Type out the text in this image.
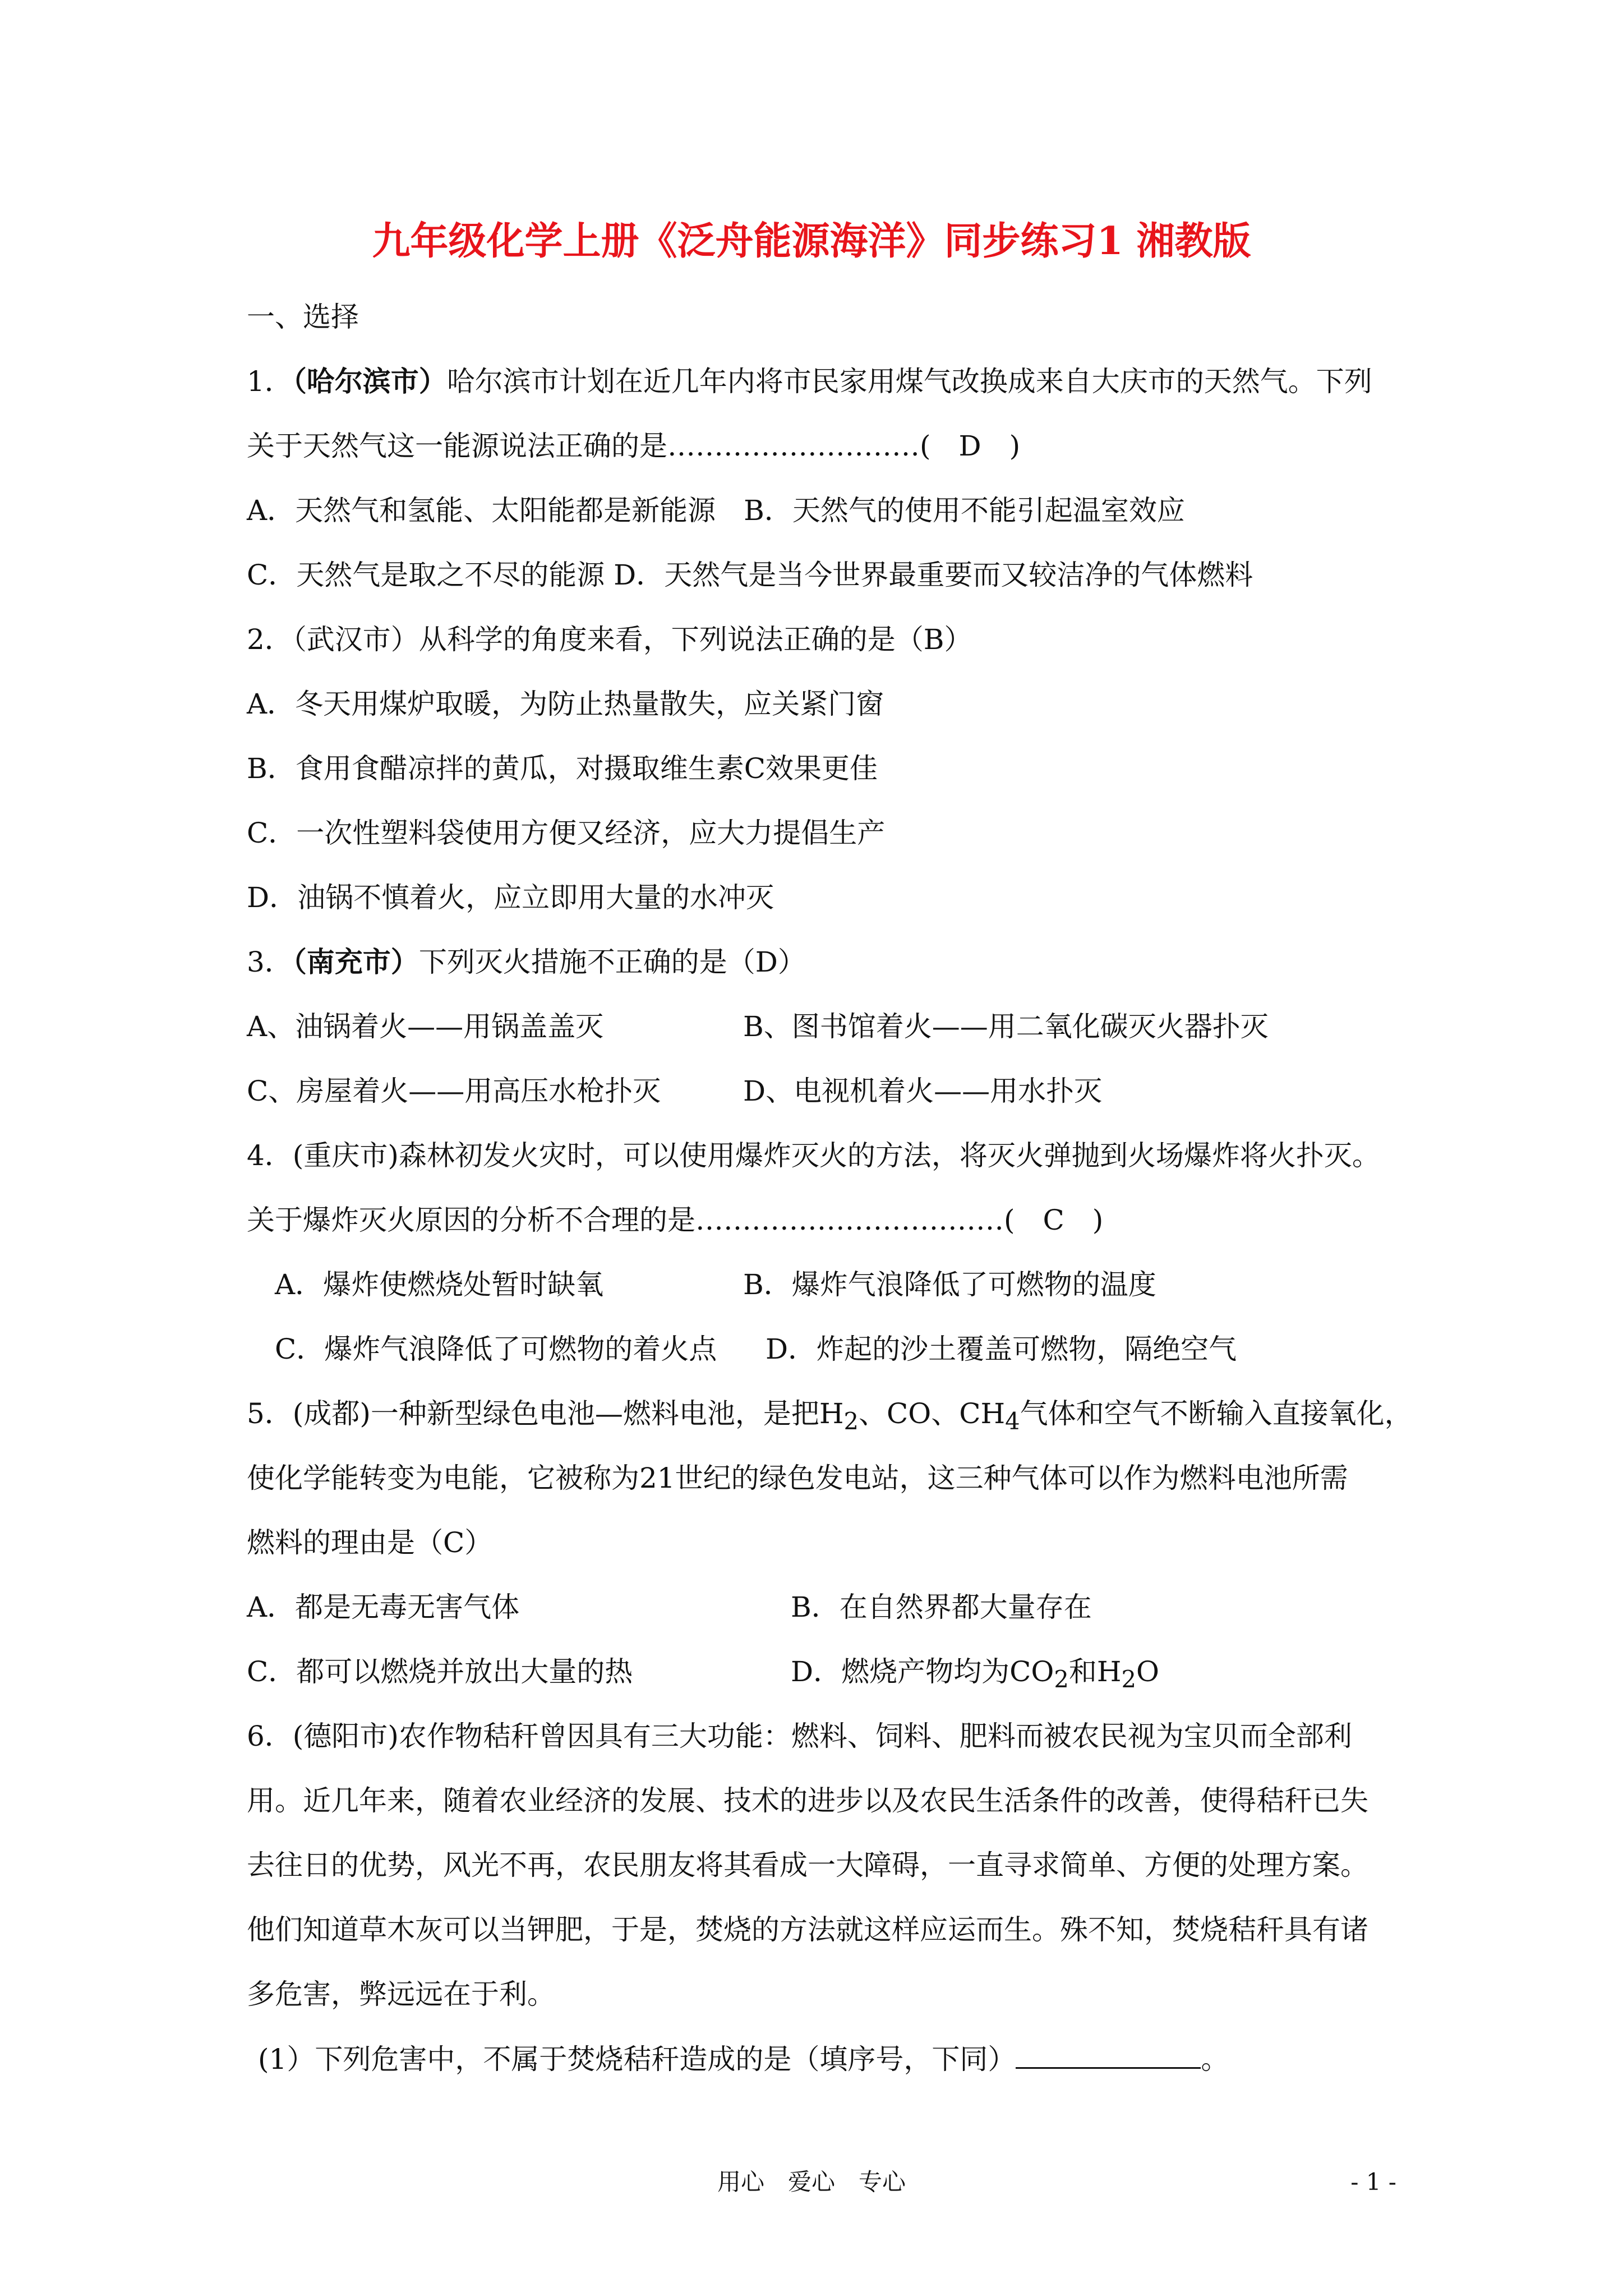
九年级化学上册《泛舟能源海洋》同步练习1 湘教版
一、选择
1．（哈尔滨市）哈尔滨市计划在近几年内将市民家用煤气改换成来自大庆市的天然气。下列
关于天然气这一能源说法正确的是………………………(　D　)
A．天然气和氢能、太阳能都是新能源　B．天然气的使用不能引起温室效应
C．天然气是取之不尽的能源 D．天然气是当今世界最重要而又较洁净的气体燃料
2．（武汉市）从科学的角度来看，下列说法正确的是（B）
A．冬天用煤炉取暖，为防止热量散失，应关紧门窗
B．食用食醋凉拌的黄瓜，对摄取维生素C效果更佳
C．一次性塑料袋使用方便又经济，应大力提倡生产
D．油锅不慎着火，应立即用大量的水冲灭
3．（南充市）下列灭火措施不正确的是（D）
A、油锅着火——用锅盖盖灭	B、图书馆着火——用二氧化碳灭火器扑灭
C、房屋着火——用高压水枪扑灭	D、电视机着火——用水扑灭
4．(重庆市)森林初发火灾时，可以使用爆炸灭火的方法，将灭火弹抛到火场爆炸将火扑灭。
关于爆炸灭火原因的分析不合理的是……………………………(　C　)
A．爆炸使燃烧处暂时缺氧	B．爆炸气浪降低了可燃物的温度
C．爆炸气浪降低了可燃物的着火点 D．炸起的沙土覆盖可燃物，隔绝空气
5．(成都)一种新型绿色电池—燃料电池，是把$H_2$、CO、$CH_4$气体和空气不断输入直接氧化，
使化学能转变为电能，它被称为21世纪的绿色发电站，这三种气体可以作为燃料电池所需
燃料的理由是（C）
A．都是无毒无害气体	B．在自然界都大量存在
C．都可以燃烧并放出大量的热	D．燃烧产物均为$CO_2$和$H_2O$
6．(德阳市)农作物秸秆曾因具有三大功能：燃料、饲料、肥料而被农民视为宝贝而全部利
用。近几年来，随着农业经济的发展、技术的进步以及农民生活条件的改善，使得秸秆已失
去往日的优势，风光不再，农民朋友将其看成一大障碍，一直寻求简单、方便的处理方案。
他们知道草木灰可以当钾肥，于是，焚烧的方法就这样应运而生。殊不知，焚烧秸秆具有诸
多危害，弊远远在于利。
(1）下列危害中，不属于焚烧秸秆造成的是（填序号，下同）	。
用心　爱心　专心	- 1 -
